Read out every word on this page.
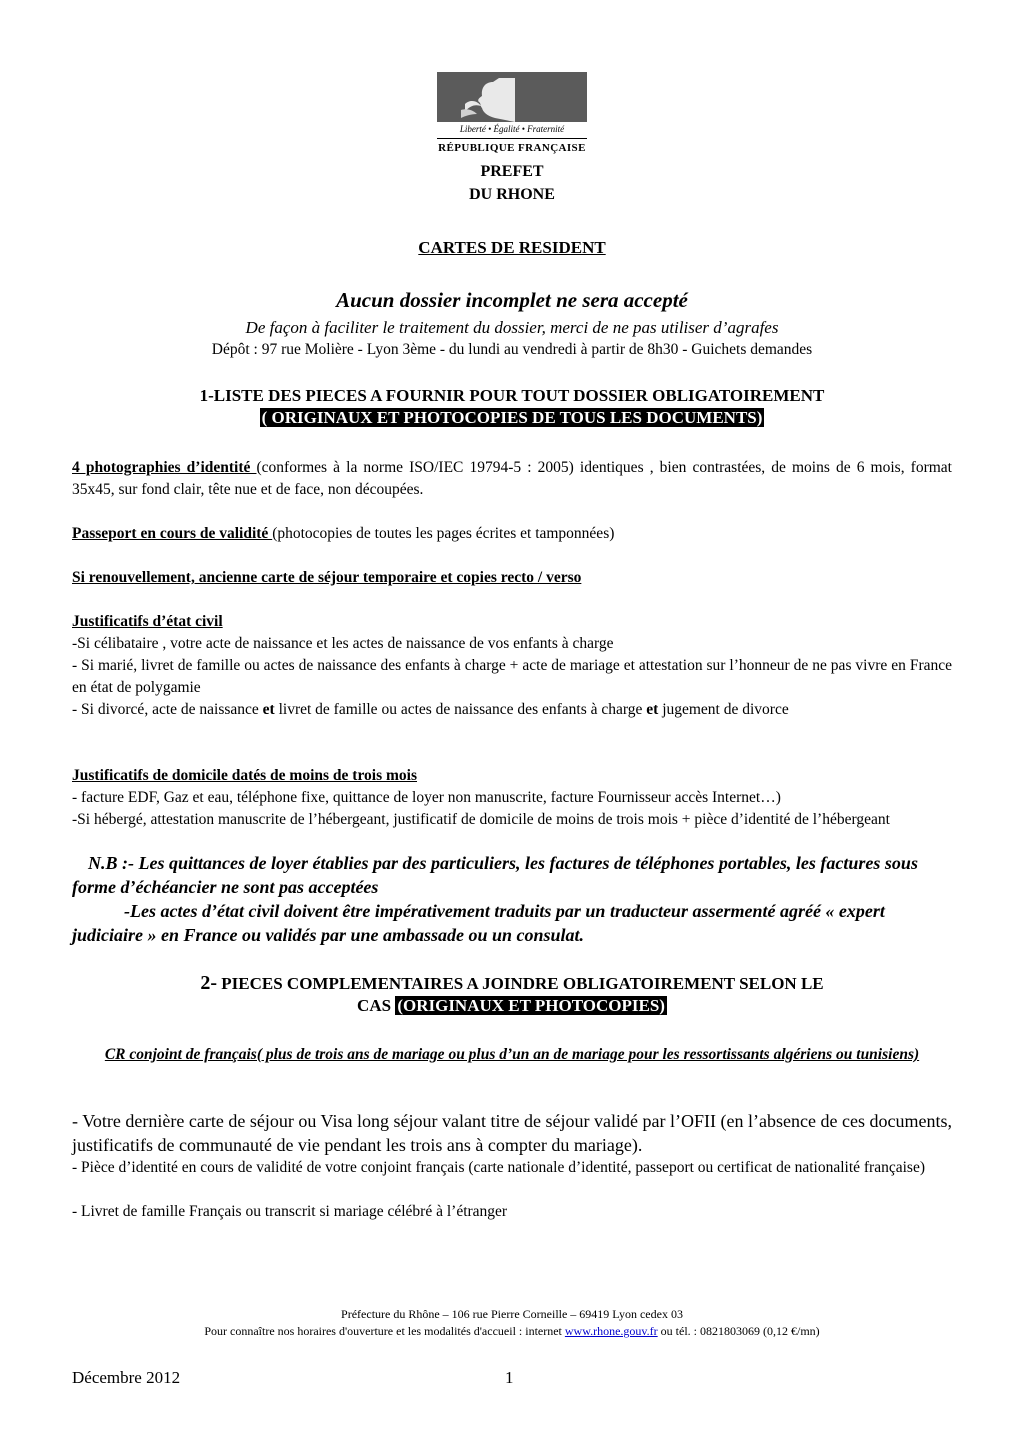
Liberté • Égalité • Fraternité
RÉPUBLIQUE FRANÇAISE
PREFET
DU RHONE
CARTES DE RESIDENT
Aucun dossier incomplet ne sera accepté
De façon à faciliter le traitement du dossier, merci de ne pas utiliser d’agrafes
Dépôt : 97 rue Molière - Lyon 3ème - du lundi au vendredi à partir de 8h30 - Guichets demandes
1-LISTE DES PIECES A FOURNIR POUR TOUT DOSSIER OBLIGATOIREMENT
( ORIGINAUX ET PHOTOCOPIES DE TOUS LES DOCUMENTS)
4 photographies d’identité (conformes à la norme ISO/IEC 19794-5 : 2005) identiques , bien contrastées, de moins de 6 mois, format 35x45, sur fond clair, tête nue et de face, non découpées.
Passeport en cours de validité (photocopies de toutes les pages écrites et tamponnées)
Si renouvellement, ancienne carte de séjour temporaire et copies recto / verso
Justificatifs d’état civil
-Si célibataire , votre acte de naissance et les actes de naissance de vos enfants à charge
- Si marié, livret de famille ou actes de naissance des enfants à charge + acte de mariage et attestation sur l’honneur de ne pas vivre en France en état de polygamie
- Si divorcé, acte de naissance et livret de famille ou actes de naissance des enfants à charge et jugement de divorce
Justificatifs de domicile datés de moins de trois mois
- facture EDF, Gaz et eau, téléphone fixe, quittance de loyer non manuscrite, facture Fournisseur accès Internet…)
-Si hébergé, attestation manuscrite de l’hébergeant, justificatif de domicile de moins de trois mois + pièce d’identité de l’hébergeant
N.B :- Les quittances de loyer établies par des particuliers, les factures de téléphones portables, les factures sous forme d’échéancier ne sont pas acceptées
-Les actes d’état civil doivent être impérativement traduits par un traducteur assermenté agréé « expert judiciaire » en France ou validés par une ambassade ou un consulat.
2- PIECES COMPLEMENTAIRES A JOINDRE OBLIGATOIREMENT SELON LE
CAS (ORIGINAUX ET PHOTOCOPIES)
CR conjoint de français( plus de trois ans de mariage ou plus d’un an de mariage pour les ressortissants algériens ou tunisiens)
- Votre dernière carte de séjour ou Visa long séjour valant titre de séjour validé par l’OFII (en l’absence de ces documents, justificatifs de communauté de vie pendant les trois ans à compter du mariage).
- Pièce d’identité en cours de validité de votre conjoint français (carte nationale d’identité, passeport ou certificat de nationalité française)
- Livret de famille Français ou transcrit si mariage célébré à l’étranger
Préfecture du Rhône – 106 rue Pierre Corneille – 69419 Lyon cedex 03
Pour connaître nos horaires d'ouverture et les modalités d'accueil : internet www.rhone.gouv.fr ou tél. : 0821803069 (0,12 €/mn)
Décembre 2012	1
